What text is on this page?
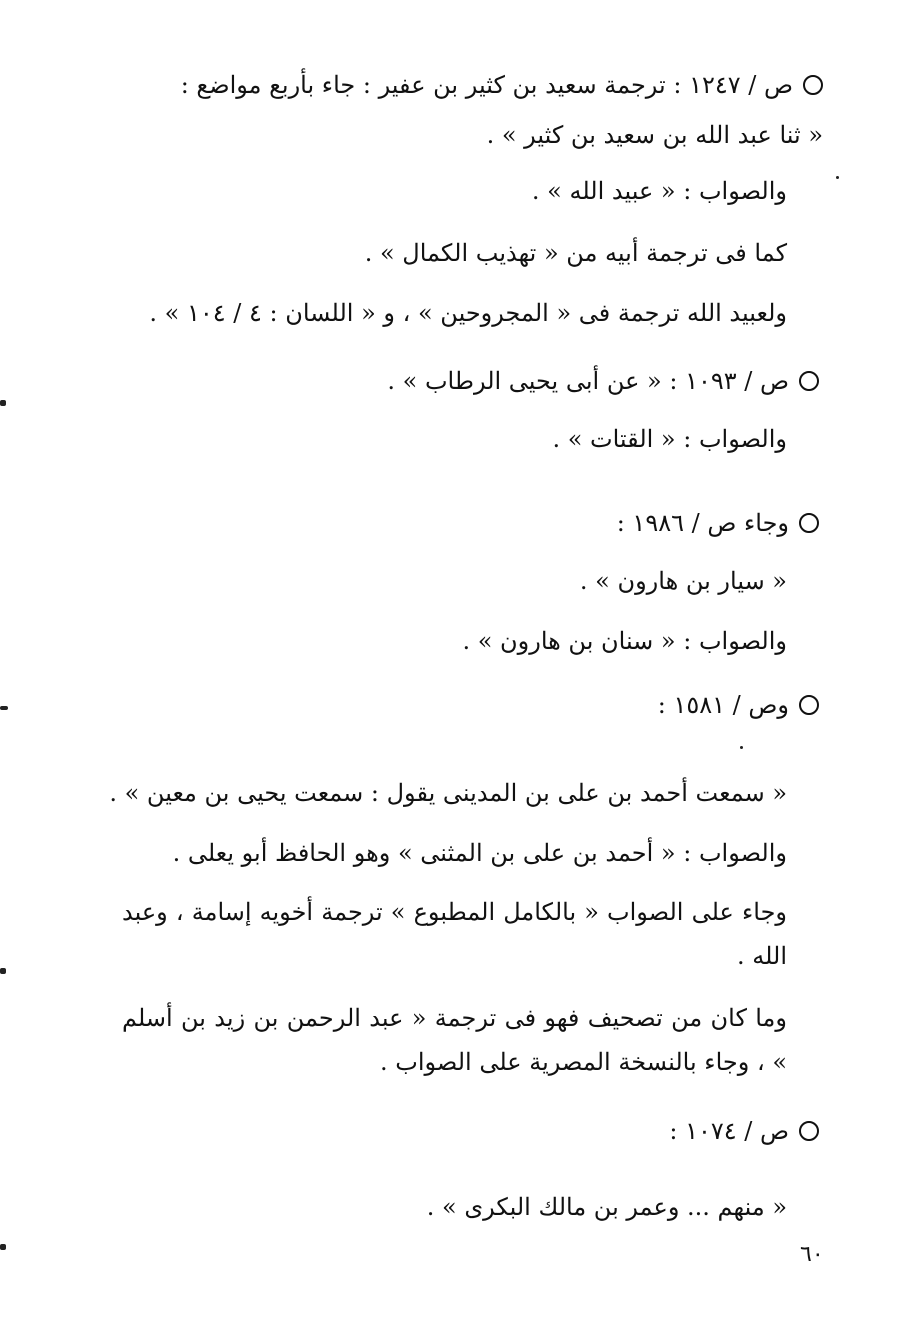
ص / ١٢٤٧ : ترجمة سعيد بن كثير بن عفير : جاء بأربع مواضع :
« ثنا عبد الله بن سعيد بن كثير » .
والصواب : « عبيد الله » .
كما فى ترجمة أبيه من « تهذيب الكمال » .
ولعبيد الله ترجمة فى « المجروحين » ، و « اللسان : ٤ / ١٠٤ » .
ص / ١٠٩٣ : « عن أبى يحيى الرطاب » .
والصواب : « القتات » .
وجاء ص / ١٩٨٦ :
« سيار بن هارون » .
والصواب : « سنان بن هارون » .
وص / ١٥٨١ :
« سمعت أحمد بن على بن المدينى يقول : سمعت يحيى بن معين » .
والصواب : « أحمد بن على بن المثنى » وهو الحافظ أبو يعلى .
وجاء على الصواب « بالكامل المطبوع » ترجمة أخويه إسامة ، وعبد الله .
وما كان من تصحيف فهو فى ترجمة « عبد الرحمن بن زيد بن أسلم » ، وجاء بالنسخة المصرية على الصواب .
ص / ١٠٧٤ :
« منهم ... وعمر بن مالك البكرى » .
٦٠
